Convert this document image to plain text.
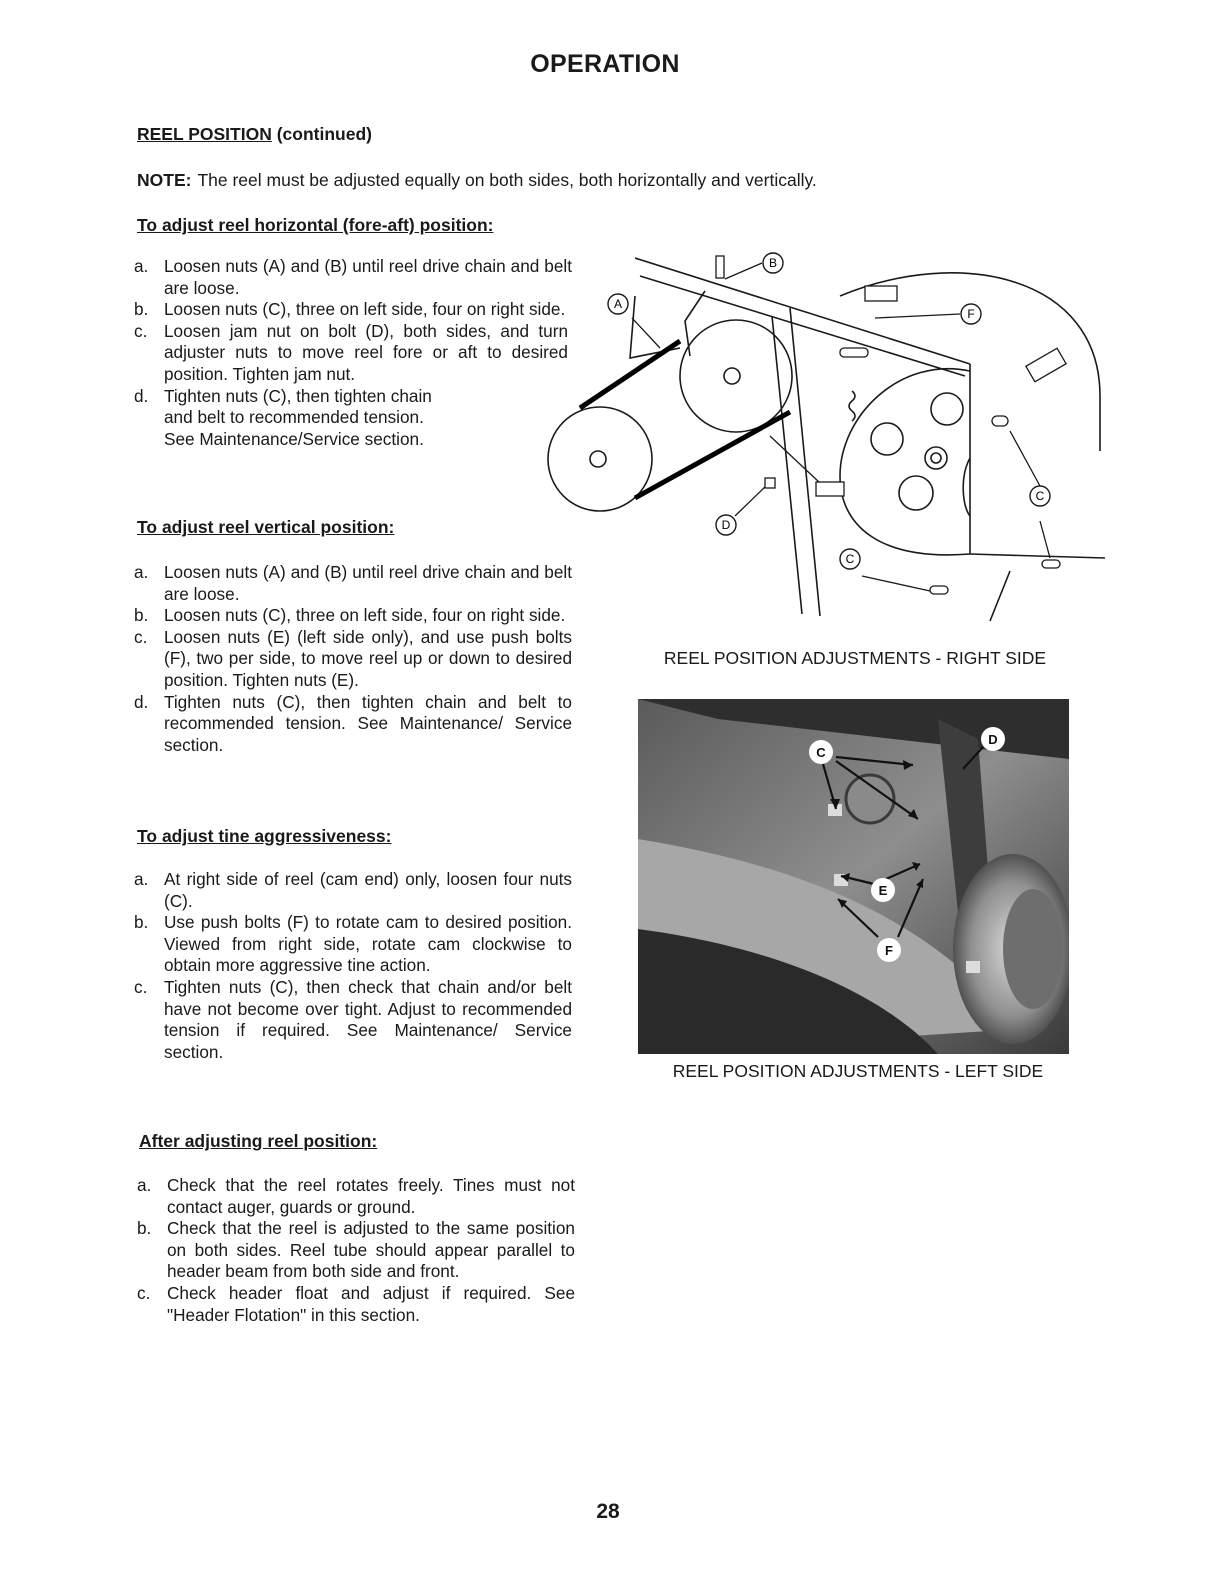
OPERATION
REEL POSITION (continued)
NOTE: The reel must be adjusted equally on both sides, both horizontally and vertically.
To adjust reel horizontal (fore-aft) position:
a. Loosen nuts (A) and (B) until reel drive chain and belt are loose.
b. Loosen nuts (C), three on left side, four on right side.
c. Loosen jam nut on bolt (D), both sides, and turn adjuster nuts to move reel fore or aft to desired position. Tighten jam nut.
d. Tighten nuts (C), then tighten chain and belt to recommended tension. See Maintenance/Service section.
To adjust reel vertical position:
a. Loosen nuts (A) and (B) until reel drive chain and belt are loose.
b. Loosen nuts (C), three on left side, four on right side.
c. Loosen nuts (E) (left side only), and use push bolts (F), two per side, to move reel up or down to desired position. Tighten nuts (E).
d. Tighten nuts (C), then tighten chain and belt to recommended tension. See Maintenance/ Service section.
To adjust tine aggressiveness:
a. At right side of reel (cam end) only, loosen four nuts (C).
b. Use push bolts (F) to rotate cam to desired position. Viewed from right side, rotate cam clockwise to obtain more aggressive tine action.
c. Tighten nuts (C), then check that chain and/or belt have not become over tight. Adjust to recommended tension if required. See Maintenance/ Service section.
After adjusting reel position:
a. Check that the reel rotates freely. Tines must not contact auger, guards or ground.
b. Check that the reel is adjusted to the same position on both sides. Reel tube should appear parallel to header beam from both side and front.
c. Check header float and adjust if required. See "Header Flotation" in this section.
A
B
F
C
C
D
REEL POSITION ADJUSTMENTS - RIGHT SIDE
C
D
E
F
REEL POSITION ADJUSTMENTS - LEFT SIDE
28
